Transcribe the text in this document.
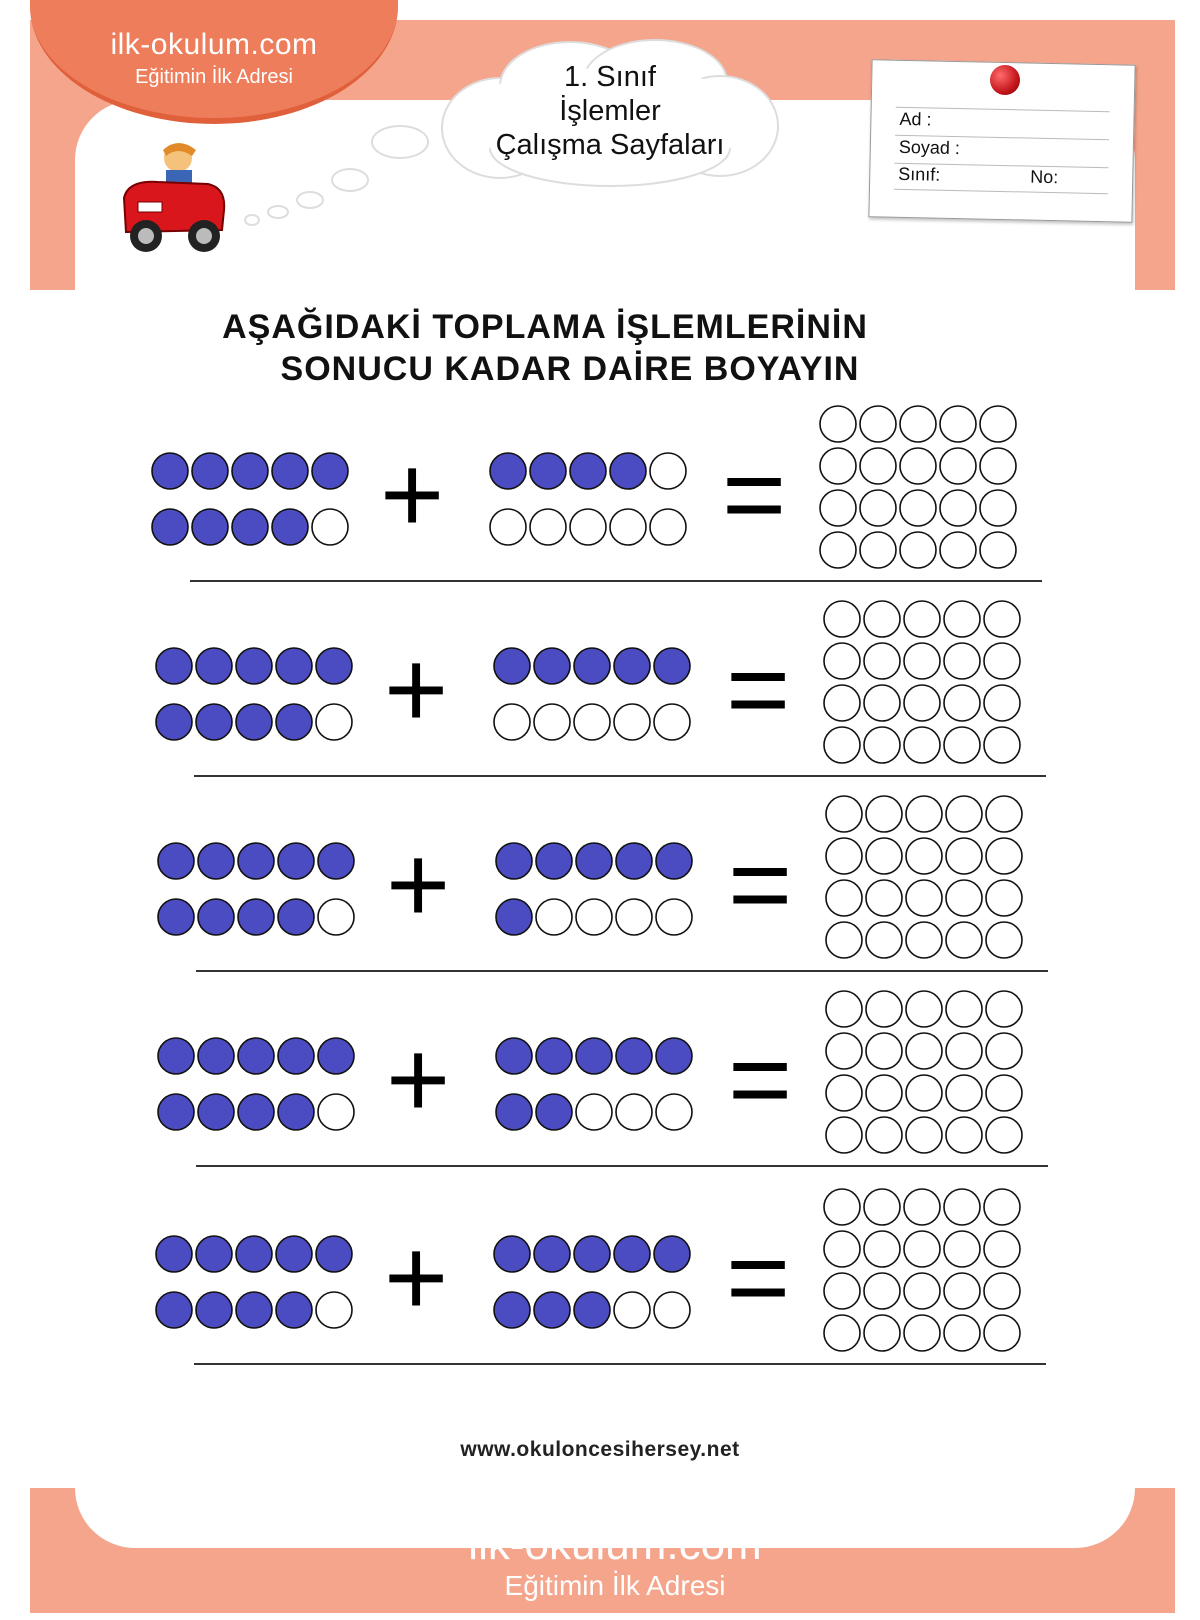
ilk-okulum.com
Eğitimin İlk Adresi	1. Sınıf
İşlemler
Çalışma Sayfaları
Ad :
Soyad :
Sınıf:	No:
AŞAĞIDAKİ TOPLAMA İŞLEMLERİNİN
SONUCU KADAR DAİRE BOYAYIN
+	=
+	=
+	=
+	=
+	=
www.okuloncesihersey.net
ilk-okulum.com
Eğitimin İlk Adresi
